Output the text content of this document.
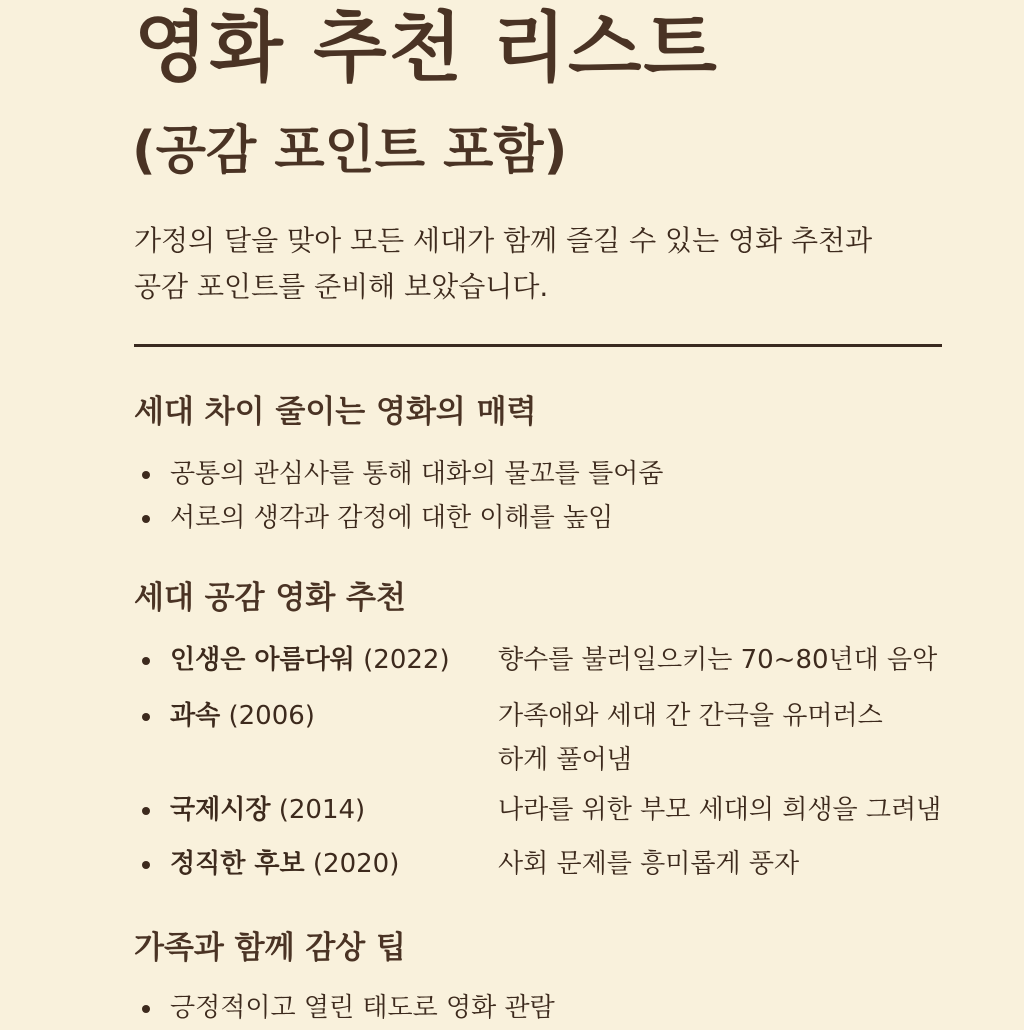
영화 추천 리스트
(공감 포인트 포함)
가정의 달을 맞아 모든 세대가 함께 즐길 수 있는 영화 추천과
공감 포인트를 준비해 보았습니다.
세대 차이 줄이는 영화의 매력
공통의 관심사를 통해 대화의 물꼬를 틀어줌
서로의 생각과 감정에 대한 이해를 높임
세대 공감 영화 추천
인생은 아름다워 (2022) 향수를 불러일으키는 70~80년대 음악
과속 (2006)	가족애와 세대 간 간극을 유머러스
하게 풀어냄
국제시장 (2014)	나라를 위한 부모 세대의 희생을 그려냄
정직한 후보 (2020)	사회 문제를 흥미롭게 풍자
가족과 함께 감상 팁
긍정적이고 열린 태도로 영화 관람
